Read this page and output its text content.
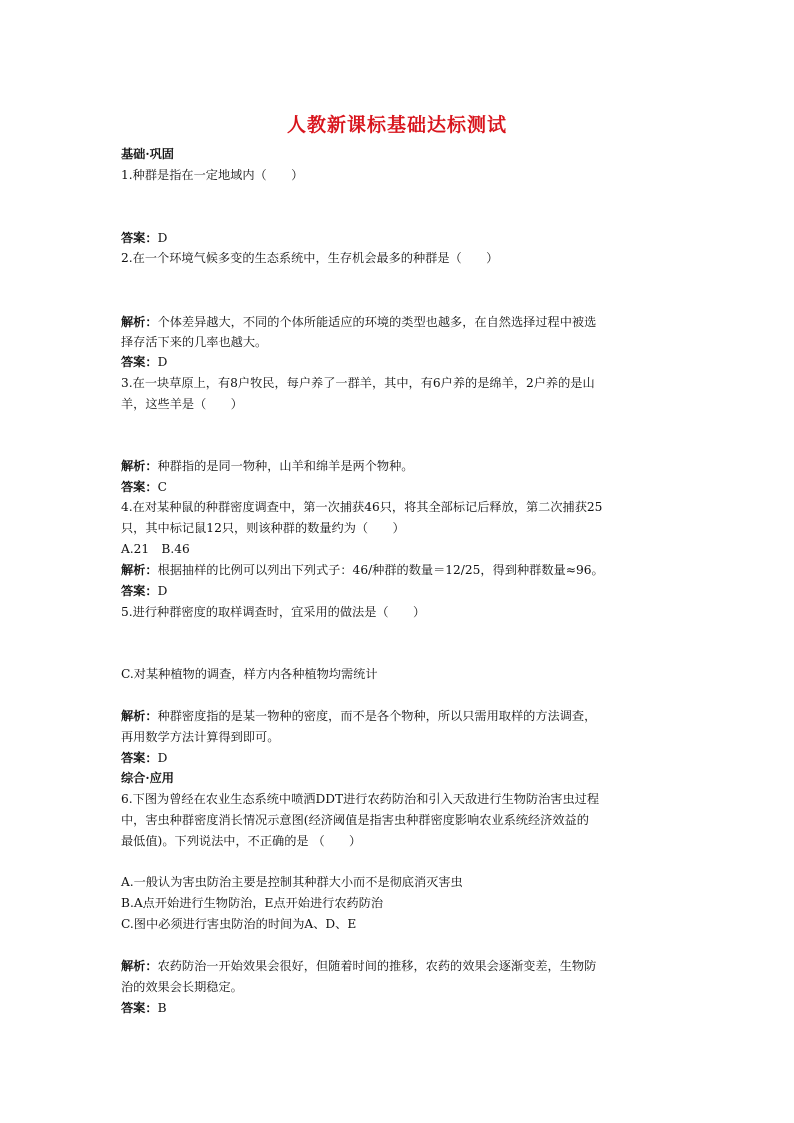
人教新课标基础达标测试
基础·巩固
1.种群是指在一定地域内（　　）
答案：D
2.在一个环境气候多变的生态系统中，生存机会最多的种群是（　　）
解析：个体差异越大，不同的个体所能适应的环境的类型也越多，在自然选择过程中被选
择存活下来的几率也越大。
答案：D
3.在一块草原上，有8户牧民，每户养了一群羊，其中，有6户养的是绵羊，2户养的是山
羊，这些羊是（　　）
解析：种群指的是同一物种，山羊和绵羊是两个物种。
答案：C
4.在对某种鼠的种群密度调查中，第一次捕获46只，将其全部标记后释放，第二次捕获25
只，其中标记鼠12只，则该种群的数量约为（　　）
A.21　B.46
解析：根据抽样的比例可以列出下列式子：46/种群的数量＝12/25，得到种群数量≈96。
答案：D
5.进行种群密度的取样调查时，宜采用的做法是（　　）
C.对某种植物的调查，样方内各种植物均需统计
解析：种群密度指的是某一物种的密度，而不是各个物种，所以只需用取样的方法调查，
再用数学方法计算得到即可。
答案：D
综合·应用
6.下图为曾经在农业生态系统中喷洒DDT进行农药防治和引入天敌进行生物防治害虫过程
中，害虫种群密度消长情况示意图(经济阈值是指害虫种群密度影响农业系统经济效益的
最低值)。下列说法中，不正确的是 （　　）
A.一般认为害虫防治主要是控制其种群大小而不是彻底消灭害虫
B.A点开始进行生物防治，E点开始进行农药防治
C.图中必须进行害虫防治的时间为A、D、E
解析：农药防治一开始效果会很好，但随着时间的推移，农药的效果会逐渐变差，生物防
治的效果会长期稳定。
答案：B
